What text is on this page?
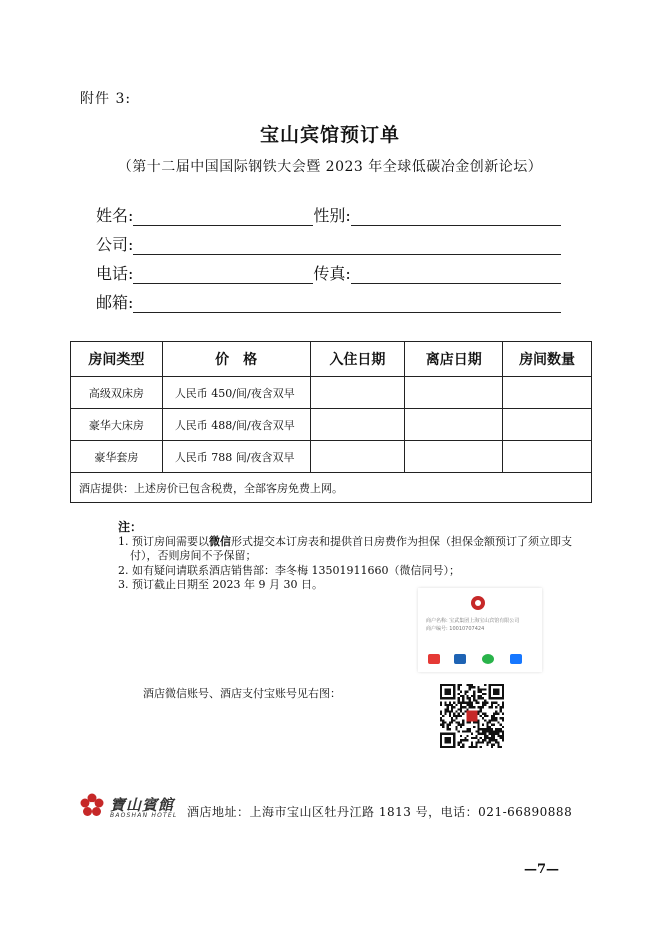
附件 3:
宝山宾馆预订单
（第十二届中国国际钢铁大会暨 2023 年全球低碳冶金创新论坛）
姓名:	性别:
公司:
电话:	传真:
邮箱:
房间类型	价　格	入住日期	离店日期	房间数量
高级双床房	人民币 450/间/夜含双早			
豪华大床房	人民币 488/间/夜含双早			
豪华套房	人民币 788 间/夜含双早			
酒店提供：上述房价已包含税费，全部客房免费上网。				
注：
1. 预订房间需要以微信形式提交本订房表和提供首日房费作为担保（担保金额预订了须立即支付），否则房间不予保留；
2. 如有疑问请联系酒店销售部：李冬梅 13501911660（微信同号）；
3. 预订截止日期至 2023 年 9 月 30 日。
酒店微信账号、酒店支付宝账号见右图：
商户名称: 宝武集团上海宝山宾馆有限公司
商户编号: 10010707424
寶山賓館
BAOSHAN HOTEL 酒店地址：上海市宝山区牡丹江路 1813 号，电话：021-66890888
—7—
